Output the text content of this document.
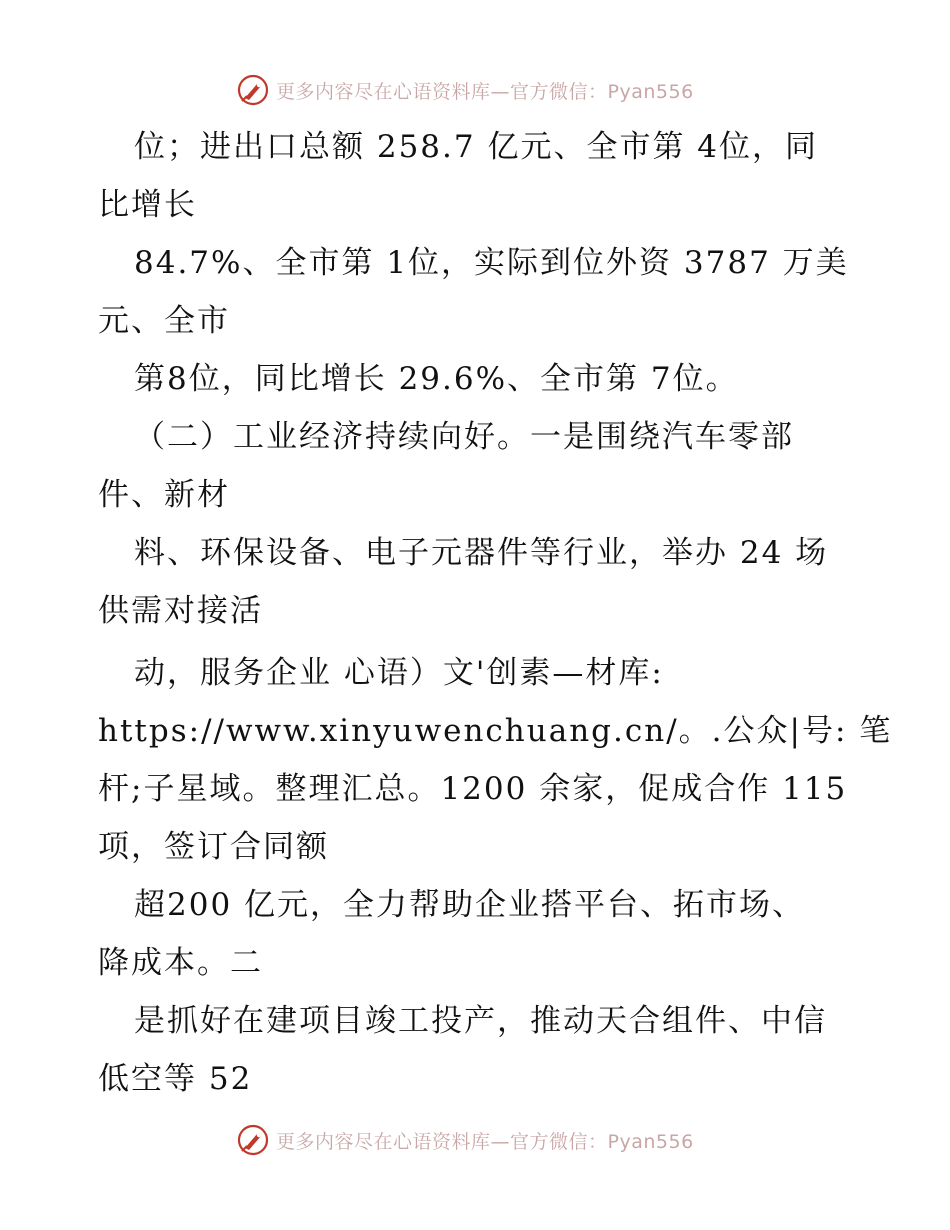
更多内容尽在心语资料库—官方微信：Pyan556
位；进出口总额 258.7 亿元、全市第 4位，同
比增长
84.7%、全市第 1位，实际到位外资 3787 万美
元、全市
第8位，同比增长 29.6%、全市第 7位。
（二）工业经济持续向好。一是围绕汽车零部
件、新材
料、环保设备、电子元器件等行业，举办 24 场
供需对接活
动，服务企业 心语）文'创素—材库:
https://www.xinyuwenchuang.cn/。.公众|号: 笔
杆;子星域。整理汇总。1200 余家，促成合作 115
项，签订合同额
超200 亿元，全力帮助企业搭平台、拓市场、
降成本。二
是抓好在建项目竣工投产，推动天合组件、中信
低空等 52
更多内容尽在心语资料库—官方微信：Pyan556
